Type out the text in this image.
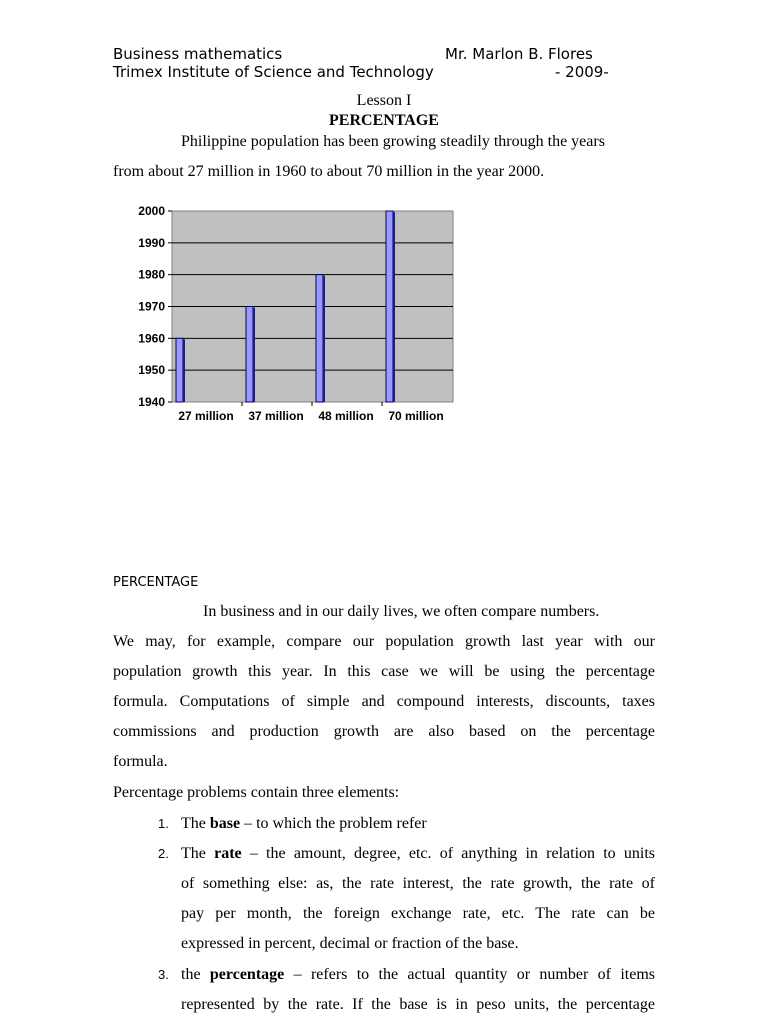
Business mathematics	Mr. Marlon B. Flores
Trimex Institute of Science and Technology	- 2009-
Lesson I
PERCENTAGE
Philippine population has been growing steadily through the years
from about 27 million in 1960 to about 70 million in the year 2000.
2000
1990
1980
1970
1960
1950
1940
27 million 37 million 48 million 70 million
PERCENTAGE
In business and in our daily lives, we often compare numbers.
We may, for example, compare our population growth last year with our
population growth this year. In this case we will be using the percentage
formula. Computations of simple and compound interests, discounts, taxes
commissions and production growth are also based on the percentage
formula.
Percentage problems contain three elements:
1. The base – to which the problem refer
2. The rate – the amount, degree, etc. of anything in relation to units
of something else: as, the rate interest, the rate growth, the rate of
pay per month, the foreign exchange rate, etc. The rate can be
expressed in percent, decimal or fraction of the base.
3. the percentage – refers to the actual quantity or number of items
represented by the rate. If the base is in peso units, the percentage
